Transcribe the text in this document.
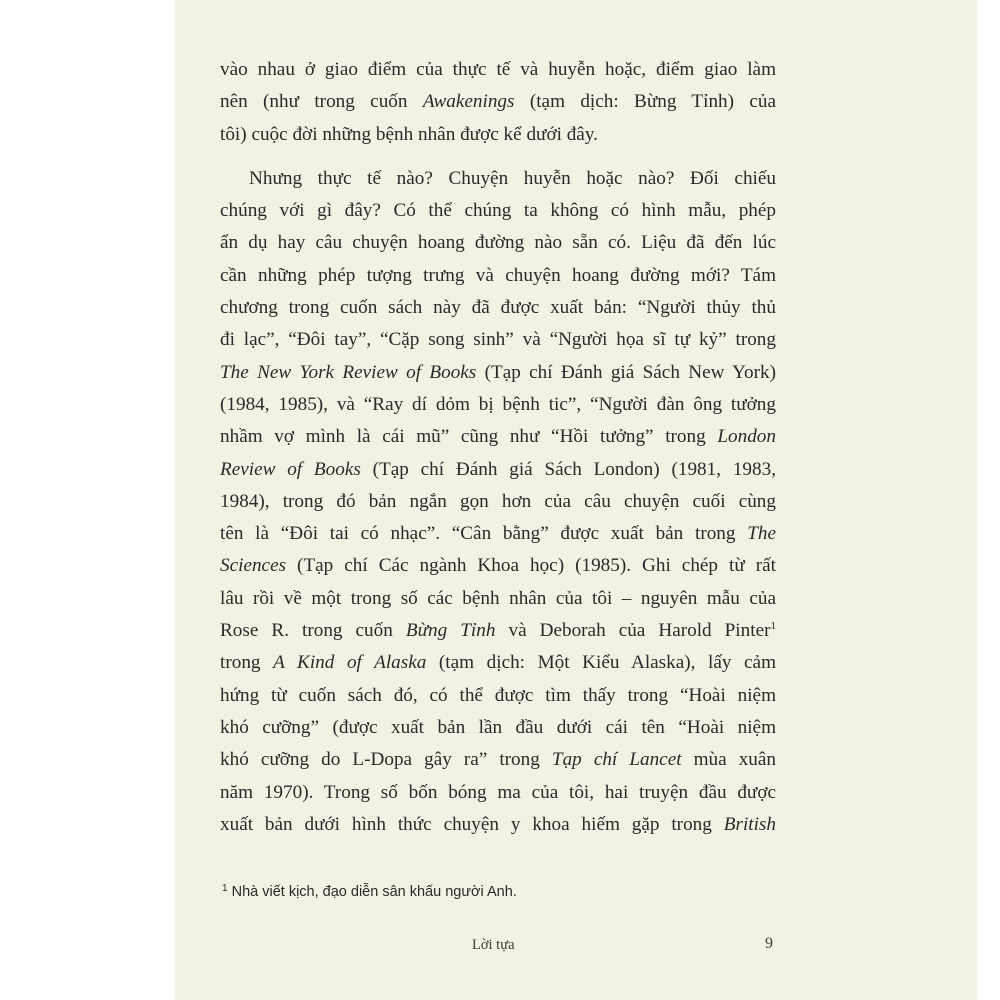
vào nhau ở giao điểm của thực tế và huyễn hoặc, điểm giao làm
nên (như trong cuốn Awakenings (tạm dịch: Bừng Tỉnh) của
tôi) cuộc đời những bệnh nhân được kể dưới đây.

Nhưng thực tế nào? Chuyện huyễn hoặc nào? Đối chiếu
chúng với gì đây? Có thể chúng ta không có hình mẫu, phép
ẩn dụ hay câu chuyện hoang đường nào sẵn có. Liệu đã đến lúc
cần những phép tượng trưng và chuyện hoang đường mới? Tám
chương trong cuốn sách này đã được xuất bản: “Người thủy thủ
đi lạc”, “Đôi tay”, “Cặp song sinh” và “Người họa sĩ tự kỷ” trong
The New York Review of Books (Tạp chí Đánh giá Sách New York)
(1984, 1985), và “Ray dí dỏm bị bệnh tic”, “Người đàn ông tưởng
nhầm vợ mình là cái mũ” cũng như “Hồi tưởng” trong London
Review of Books (Tạp chí Đánh giá Sách London) (1981, 1983,
1984), trong đó bản ngắn gọn hơn của câu chuyện cuối cùng
tên là “Đôi tai có nhạc”. “Cân bằng” được xuất bản trong The
Sciences (Tạp chí Các ngành Khoa học) (1985). Ghi chép từ rất
lâu rồi về một trong số các bệnh nhân của tôi – nguyên mẫu của
Rose R. trong cuốn Bừng Tỉnh và Deborah của Harold Pinter$^1$
trong A Kind of Alaska (tạm dịch: Một Kiểu Alaska), lấy cảm
hứng từ cuốn sách đó, có thể được tìm thấy trong “Hoài niệm
khó cưỡng” (được xuất bản lần đầu dưới cái tên “Hoài niệm
khó cưỡng do L-Dopa gây ra” trong Tạp chí Lancet mùa xuân
năm 1970). Trong số bốn bóng ma của tôi, hai truyện đầu được
xuất bản dưới hình thức chuyện y khoa hiếm gặp trong British

$^1$ Nhà viết kịch, đạo diễn sân khấu người Anh.
Lời tựa	9
